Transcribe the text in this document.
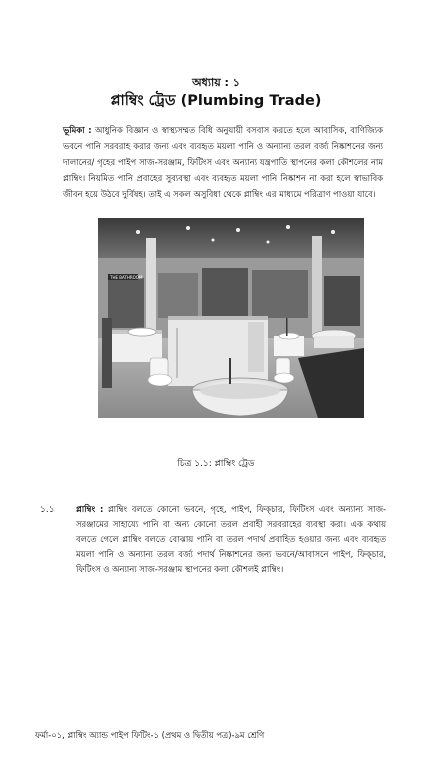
অধ্যায় : ১
প্লাম্বিং ট্রেড (Plumbing Trade)
ভূমিকা : আধুনিক বিজ্ঞান ও স্বাস্থ্যসম্মত বিধি অনুযায়ী বসবাস করতে হলে আবাসিক, বাণিজ্যিক ভবনে পানি সরবরাহ করার জন্য এবং ব্যবহৃত ময়লা পানি ও অন্যান্য তরল বর্জ্য নিষ্কাশনের জন্য দালানের/ গৃহের পাইপ সাজ-সরঞ্জাম, ফিটিংস এবং অন্যান্য যন্ত্রপাতি স্থাপনের কলা কৌশলের নাম প্লাম্বিং। নিয়মিত পানি প্রবাহের সুব্যবস্থা এবং ব্যবহৃত ময়লা পানি নিষ্কাশন না করা হলে স্বাভাবিক জীবন হয়ে উঠবে দুর্বিষহ। তাই এ সকল অসুবিধা থেকে প্লাম্বিং এর মাধ্যমে পরিত্রাণ পাওয়া যাবে।
THE BATHROOM
চিত্র ১.১: প্লাম্বিং ট্রেড
১.১	প্লাম্বিং : প্লাম্বিং বলতে কোনো ভবনে, গৃহে, পাইপ, ফিক্চার, ফিটিংস এবং অন্যান্য সাজ-সরঞ্জামের সাহায্যে পানি বা অন্য কোনো তরল প্রবাহী সরবরাহের ব্যবস্থা করা। এক কথায় বলতে গেলে প্লাম্বিং বলতে বোঝায় পানি বা তরল পদার্থ প্রবাহিত হওয়ার জন্য এবং ব্যবহৃত ময়লা পানি ও অন্যান্য তরল বর্জ্য পদার্থ নিষ্কাশনের জন্য ভবনে/আবাসনে পাইপ, ফিক্চার, ফিটিংস ও অন্যান্য সাজ-সরঞ্জাম স্থাপনের কলা কৌশলই প্লাম্বিং।
ফর্মা-০১, প্লাম্বিং অ্যান্ড পাইপ ফিটিং-১ (প্রথম ও দ্বিতীয় পত্র)-৯ম শ্রেণি
